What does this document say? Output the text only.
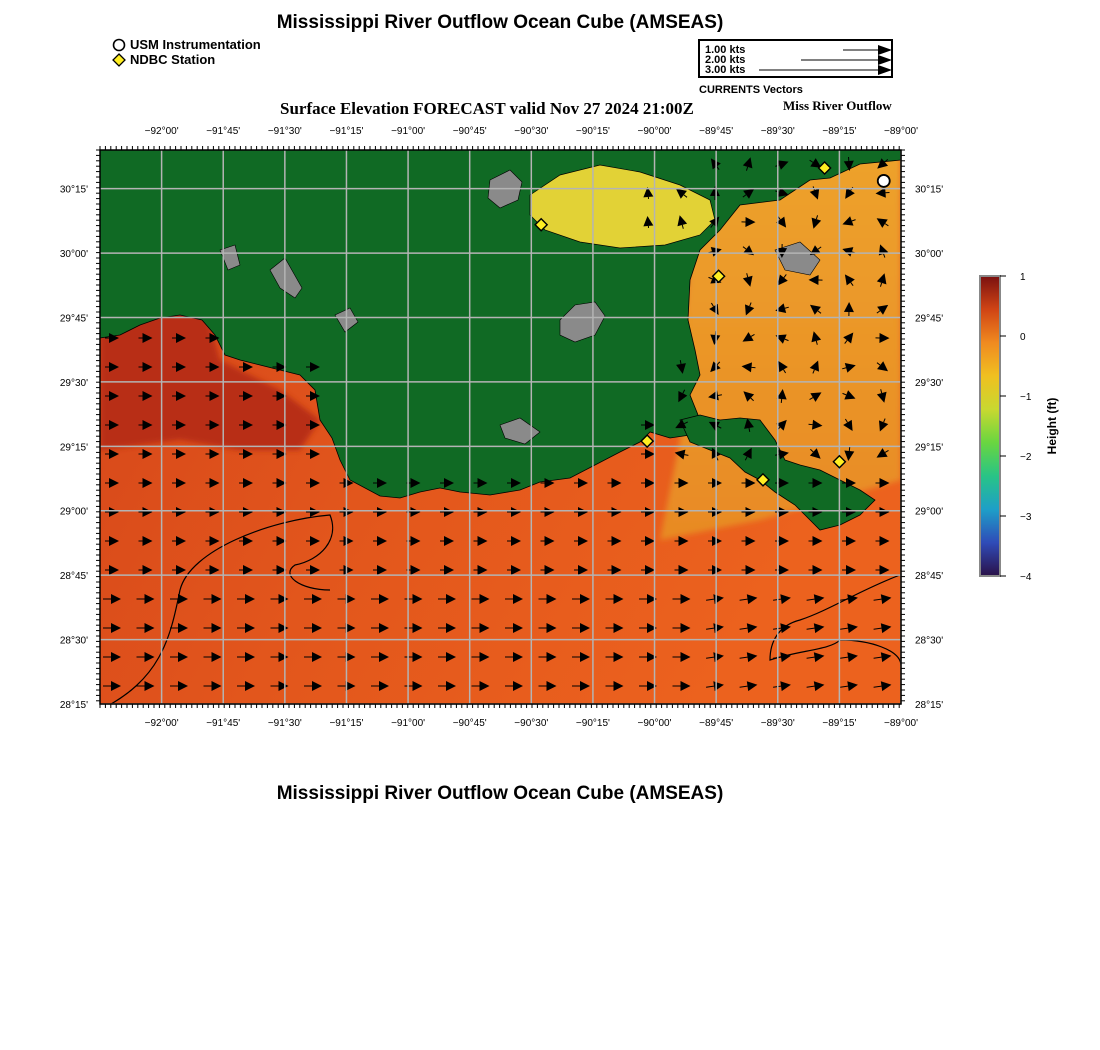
Mississippi River Outflow Ocean Cube (AMSEAS)
USM Instrumentation
NDBC Station
1.00 kts
2.00 kts
3.00 kts
CURRENTS Vectors
Surface Elevation FORECAST valid Nov 27 2024 21:00Z	Miss River Outflow
−92°00'	−91°45'	−91°30'	−91°15'	−91°00'	−90°45'	−90°30'	−90°15'	−90°00'	−89°45'	−89°30'	−89°15'	−89°00'
−92°00'	−91°45'	−91°30'	−91°15'	−91°00'	−90°45'	−90°30'	−90°15'	−90°00'	−89°45'	−89°30'	−89°15'	−89°00'
30°15'
30°00'
29°45'
29°30'
29°15'
29°00'
28°45'
28°30'
28°15'
30°15'
30°00'
29°45'
29°30'
29°15'
29°00'
28°45'
28°30'
28°15'
1
0
−1
−2
−3
−4
Height (ft)
Mississippi River Outflow Ocean Cube (AMSEAS)
